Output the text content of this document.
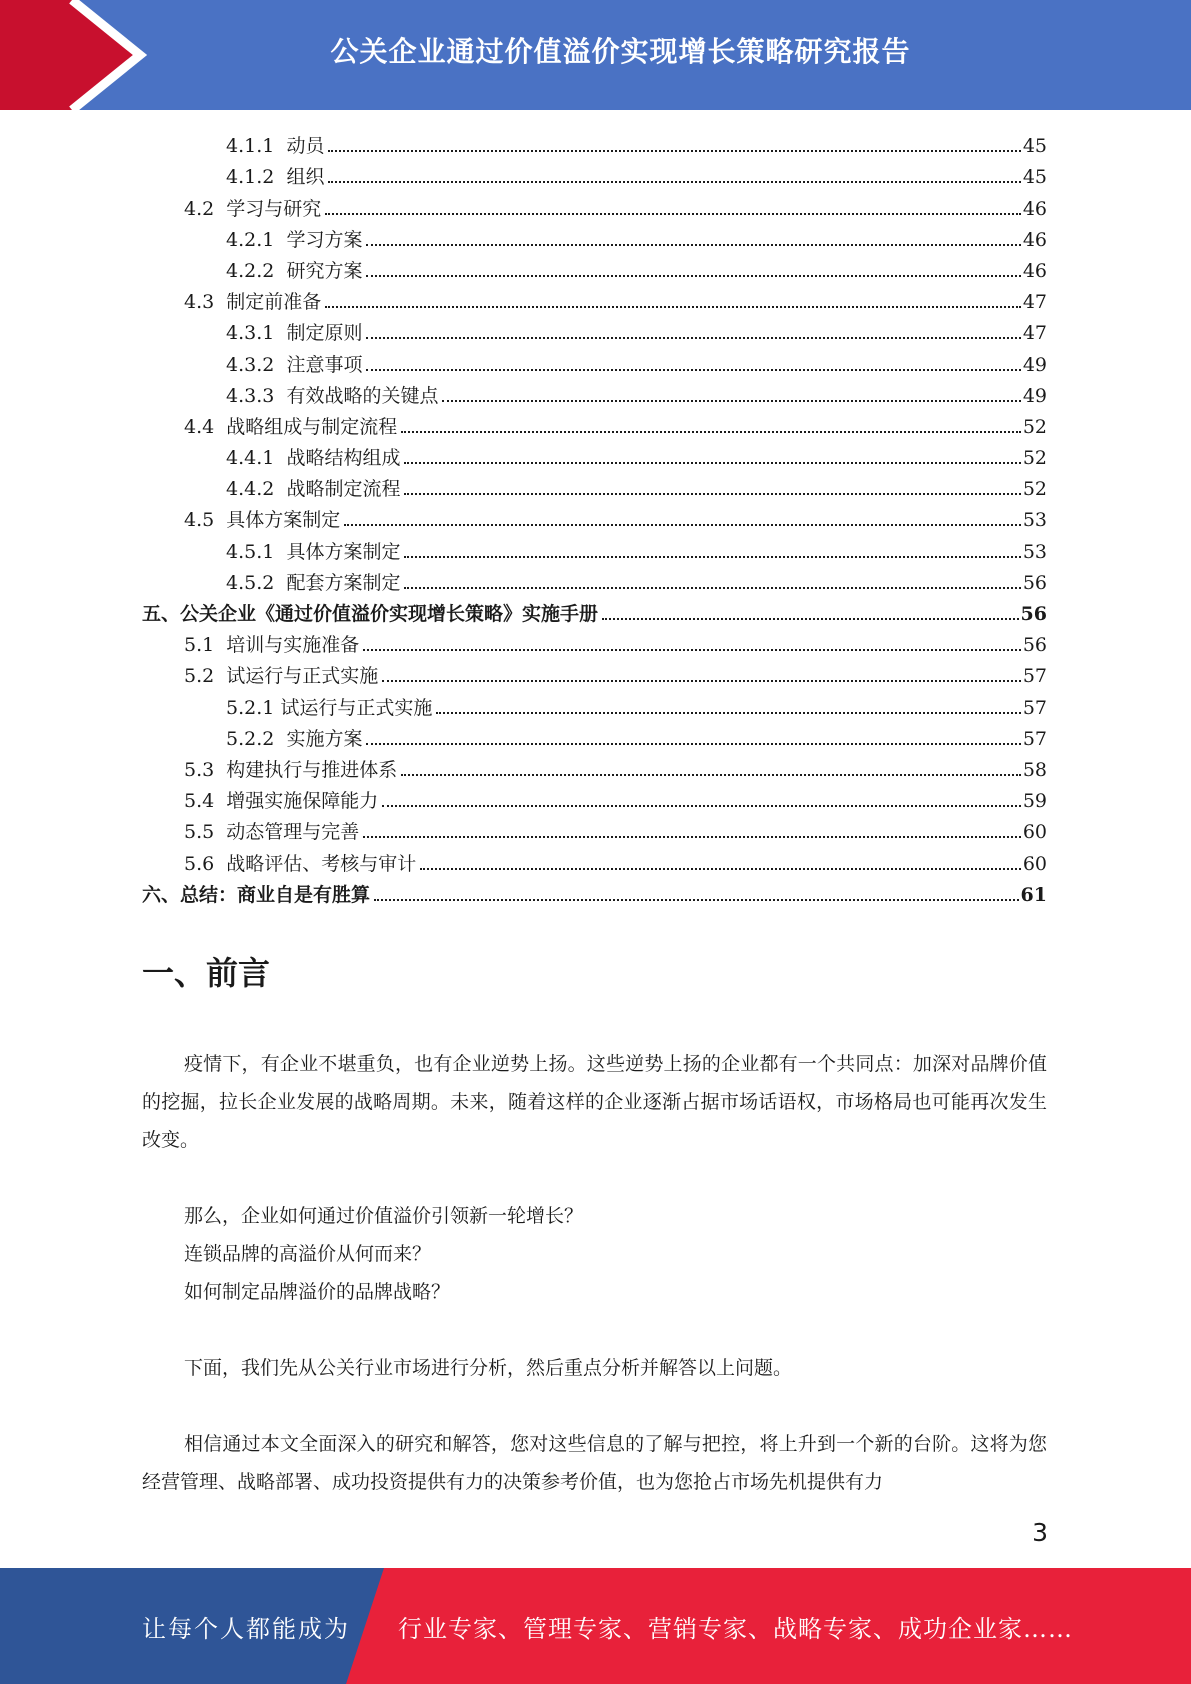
公关企业通过价值溢价实现增长策略研究报告
4.1.1 动员	45
4.1.2 组织	45
4.2 学习与研究	46
4.2.1 学习方案	46
4.2.2 研究方案	46
4.3 制定前准备	47
4.3.1 制定原则	47
4.3.2 注意事项	49
4.3.3 有效战略的关键点	49
4.4 战略组成与制定流程	52
4.4.1 战略结构组成	52
4.4.2 战略制定流程	52
4.5 具体方案制定	53
4.5.1 具体方案制定	53
4.5.2 配套方案制定	56
五、公关企业《通过价值溢价实现增长策略》实施手册	56
5.1 培训与实施准备	56
5.2 试运行与正式实施	57
5.2.1 试运行与正式实施	57
5.2.2 实施方案	57
5.3 构建执行与推进体系	58
5.4 增强实施保障能力	59
5.5 动态管理与完善	60
5.6 战略评估、考核与审计	60
六、总结：商业自是有胜算	61
一、前言

疫情下，有企业不堪重负，也有企业逆势上扬。这些逆势上扬的企业都有一个共同点：加深对品牌价值的挖掘，拉长企业发展的战略周期。未来，随着这样的企业逐渐占据市场话语权，市场格局也可能再次发生改变。

那么，企业如何通过价值溢价引领新一轮增长？

连锁品牌的高溢价从何而来？

如何制定品牌溢价的品牌战略？

下面，我们先从公关行业市场进行分析，然后重点分析并解答以上问题。

相信通过本文全面深入的研究和解答，您对这些信息的了解与把控，将上升到一个新的台阶。这将为您经营管理、战略部署、成功投资提供有力的决策参考价值，也为您抢占市场先机提供有力

3
让每个人都能成为 行业专家、管理专家、营销专家、战略专家、成功企业家……
